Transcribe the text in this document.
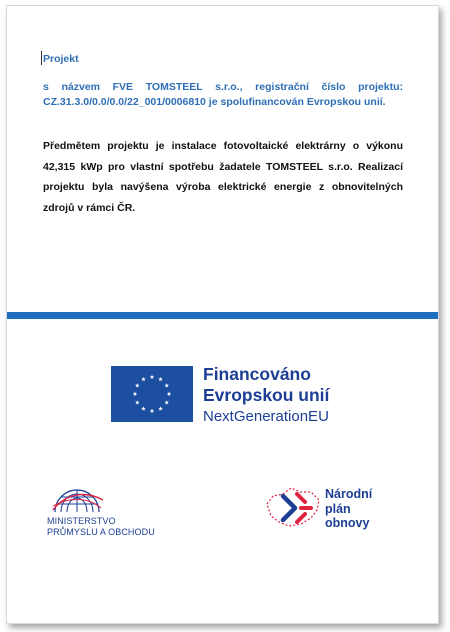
Projekt
s názvem FVE TOMSTEEL s.r.o., registrační číslo projektu: CZ.31.3.0/0.0/0.0/22_001/0006810 je spolufinancován Evropskou unií.
Předmětem projektu je instalace fotovoltaické elektrárny o výkonu 42,315 kWp pro vlastní spotřebu žadatele TOMSTEEL s.r.o. Realizací projektu byla navýšena výroba elektrické energie z obnovitelných zdrojů v rámci ČR.
Financováno
Evropskou unií
NextGenerationEU
MINISTERSTVO
PRŮMYSLU A OBCHODU
Národní
plán
obnovy
